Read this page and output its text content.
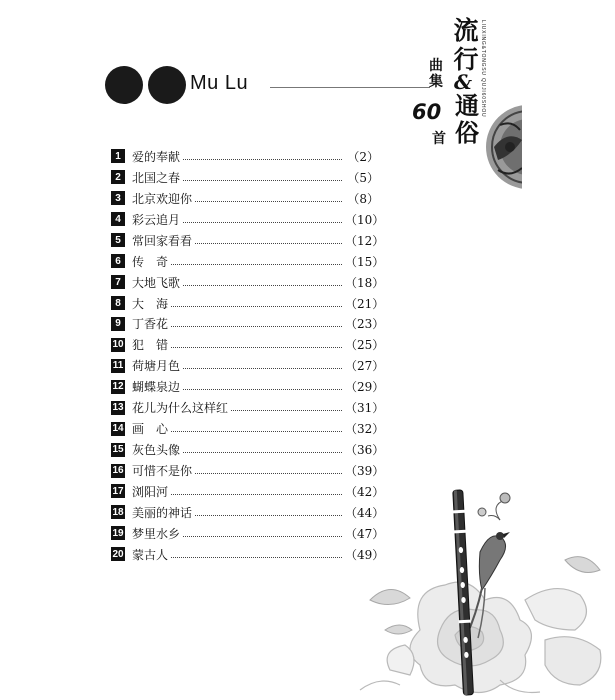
Mu Lu
流
行
&
通
俗
曲
集
60
首
LIUXING&TONGSU QUJI60SHOU
1 爱的奉献	（2）
2 北国之春	（5）
3 北京欢迎你	（8）
4 彩云追月	（10）
5 常回家看看	（12）
6 传　奇	（15）
7 大地飞歌	（18）
8 大　海	（21）
9 丁香花	（23）
10 犯　错	（25）
11 荷塘月色	（27）
12 蝴蝶泉边	（29）
13 花儿为什么这样红	（31）
14 画　心	（32）
15 灰色头像	（36）
16 可惜不是你	（39）
17 浏阳河	（42）
18 美丽的神话	（44）
19 梦里水乡	（47）
20 蒙古人	（49）
